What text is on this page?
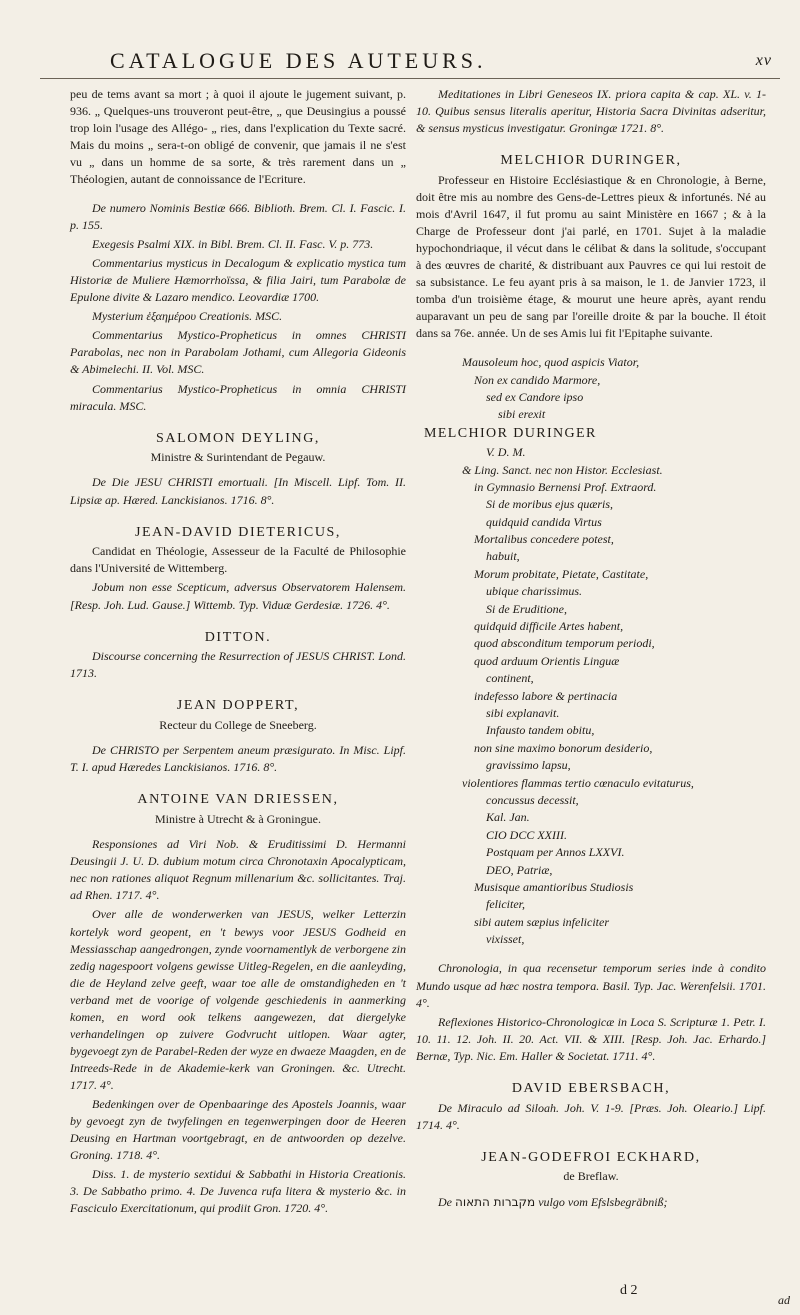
CATALOGUE DES AUTEURS.	xv

peu de tems avant sa mort ; à quoi il ajoute le jugement suivant, p. 936. „ Quelques-uns trouveront peut-être, „ que Deusingius a poussé trop loin l'usage des Allégo- „ ries, dans l'explication du Texte sacré. Mais du moins „ sera-t-on obligé de convenir, que jamais il ne s'est vu „ dans un homme de sa sorte, & très rarement dans un „ Théologien, autant de connoissance de l'Ecriture.

De numero Nominis Bestiæ 666. Biblioth. Brem. Cl. I. Fascic. I. p. 155.

Exegesis Psalmi XIX. in Bibl. Brem. Cl. II. Fasc. V. p. 773.

Commentarius mysticus in Decalogum & explicatio mystica tum Historiæ de Muliere Hæmorrhoïssa, & filia Jairi, tum Parabolæ de Epulone divite & Lazaro mendico. Leovardiæ 1700.

Mysterium ἑξαημέρου Creationis. MSC.

Commentarius Mystico-Propheticus in omnes CHRISTI Parabolas, nec non in Parabolam Jothami, cum Allegoria Gideonis & Abimelechi. II. Vol. MSC.

Commentarius Mystico-Propheticus in omnia CHRISTI miracula. MSC.

SALOMON DEYLING,
Ministre & Surintendant de Pegauw.

De Die JESU CHRISTI emortuali. [In Miscell. Lipf. Tom. II. Lipsiæ ap. Hæred. Lanckisianos. 1716. 8°.

JEAN-DAVID DIETERICUS,

Candidat en Théologie, Assesseur de la Faculté de Philosophie dans l'Université de Wittemberg.

Jobum non esse Scepticum, adversus Observatorem Halensem. [Resp. Joh. Lud. Gause.] Wittemb. Typ. Viduæ Gerdesiæ. 1726. 4°.

DITTON.

Discourse concerning the Resurrection of JESUS CHRIST. Lond. 1713.

JEAN DOPPERT,
Recteur du College de Sneeberg.

De CHRISTO per Serpentem aneum præsigurato. In Misc. Lipf. T. I. apud Hæredes Lanckisianos. 1716. 8°.

ANTOINE VAN DRIESSEN,
Ministre à Utrecht & à Groningue.

Responsiones ad Viri Nob. & Eruditissimi D. Hermanni Deusingii J. U. D. dubium motum circa Chronotaxin Apocalypticam, nec non rationes aliquot Regnum millenarium &c. sollicitantes. Traj. ad Rhen. 1717. 4°.

Over alle de wonderwerken van JESUS, welker Letterzin kortelyk word geopent, en 't bewys voor JESUS Godheid en Messiasschap aangedrongen, zynde voornamentlyk de verborgene zin zedig nagespoort volgens gewisse Uitleg-Regelen, en die aanleyding, die de Heyland zelve geeft, waar toe alle de omstandigheden en 't verband met de voorige of volgende geschiedenis in aanmerking komen, en word ook telkens aangewezen, dat diergelyke verhandelingen op zuivere Godvrucht uitlopen. Waar agter, bygevoegt zyn de Parabel-Reden der wyze en dwaeze Maagden, en de Intreeds-Rede in de Akademie-kerk van Groningen. &c. Utrecht. 1717. 4°.

Bedenkingen over de Openbaaringe des Apostels Joannis, waar by gevoegt zyn de twyfelingen en tegenwerpingen door de Heeren Deusing en Hartman voortgebragt, en de antwoorden op dezelve. Groning. 1718. 4°.

Diss. 1. de mysterio sextidui & Sabbathi in Historia Creationis. 3. De Sabbatho primo. 4. De Juvenca rufa litera & mysterio &c. in Fasciculo Exercitationum, qui prodiit Gron. 1720. 4°.

Meditationes in Libri Geneseos IX. priora capita & cap. XL. v. 1-10. Quibus sensus literalis aperitur, Historia Sacra Divinitas adseritur, & sensus mysticus investigatur. Groningæ 1721. 8°.

MELCHIOR DURINGER,

Professeur en Histoire Ecclésiastique & en Chronologie, à Berne, doit être mis au nombre des Gens-de-Lettres pieux & infortunés. Né au mois d'Avril 1647, il fut promu au saint Ministère en 1667 ; & à la Charge de Professeur dont j'ai parlé, en 1701. Sujet à la maladie hypochondriaque, il vécut dans le célibat & dans la solitude, s'occupant à des œuvres de charité, & distribuant aux Pauvres ce qui lui restoit de sa subsistance. Le feu ayant pris à sa maison, le 1. de Janvier 1723, il tomba d'un troisième étage, & mourut une heure après, ayant rendu auparavant un peu de sang par l'oreille droite & par la bouche. Il étoit dans sa 76e. année. Un de ses Amis lui fit l'Epitaphe suivante.

Mausoleum hoc, quod aspicis Viator,
Non ex candido Marmore,
sed ex Candore ipso
sibi erexit
MELCHIOR DURINGER
V. D. M.
& Ling. Sanct. nec non Histor. Ecclesiast.
in Gymnasio Bernensi Prof. Extraord.
Si de moribus ejus quæris,
quidquid candida Virtus
Mortalibus concedere potest,
habuit,
Morum probitate, Pietate, Castitate,
ubique charissimus.
Si de Eruditione,
quidquid difficile Artes habent,
quod absconditum temporum periodi,
quod arduum Orientis Linguæ
continent,
indefesso labore & pertinacia
sibi explanavit.
Infausto tandem obitu,
non sine maximo bonorum desiderio,
gravissimo lapsu,
violentiores flammas tertio cœnaculo evitaturus,
concussus decessit,
Kal. Jan.
CIO DCC XXIII.
Postquam per Annos LXXVI.
DEO, Patriæ,
Musisque amantioribus Studiosis
feliciter,
sibi autem sæpius infeliciter
vixisset,

Chronologia, in qua recensetur temporum series inde à condito Mundo usque ad hæc nostra tempora. Basil. Typ. Jac. Werenfelsii. 1701. 4°.

Reflexiones Historico-Chronologicæ in Loca S. Scripturæ 1. Petr. I. 10. 11. 12. Joh. II. 20. Act. VII. & XIII. [Resp. Joh. Jac. Erhardo.] Bernæ, Typ. Nic. Em. Haller & Societat. 1711. 4°.

DAVID EBERSBACH,

De Miraculo ad Siloah. Joh. V. 1-9. [Præs. Joh. Oleario.] Lipf. 1714. 4°.

JEAN-GODEFROI ECKHARD,
de Breflaw.

De מקברות התאוה vulgo vom Efslsbegräbniß;

d 2
ad
